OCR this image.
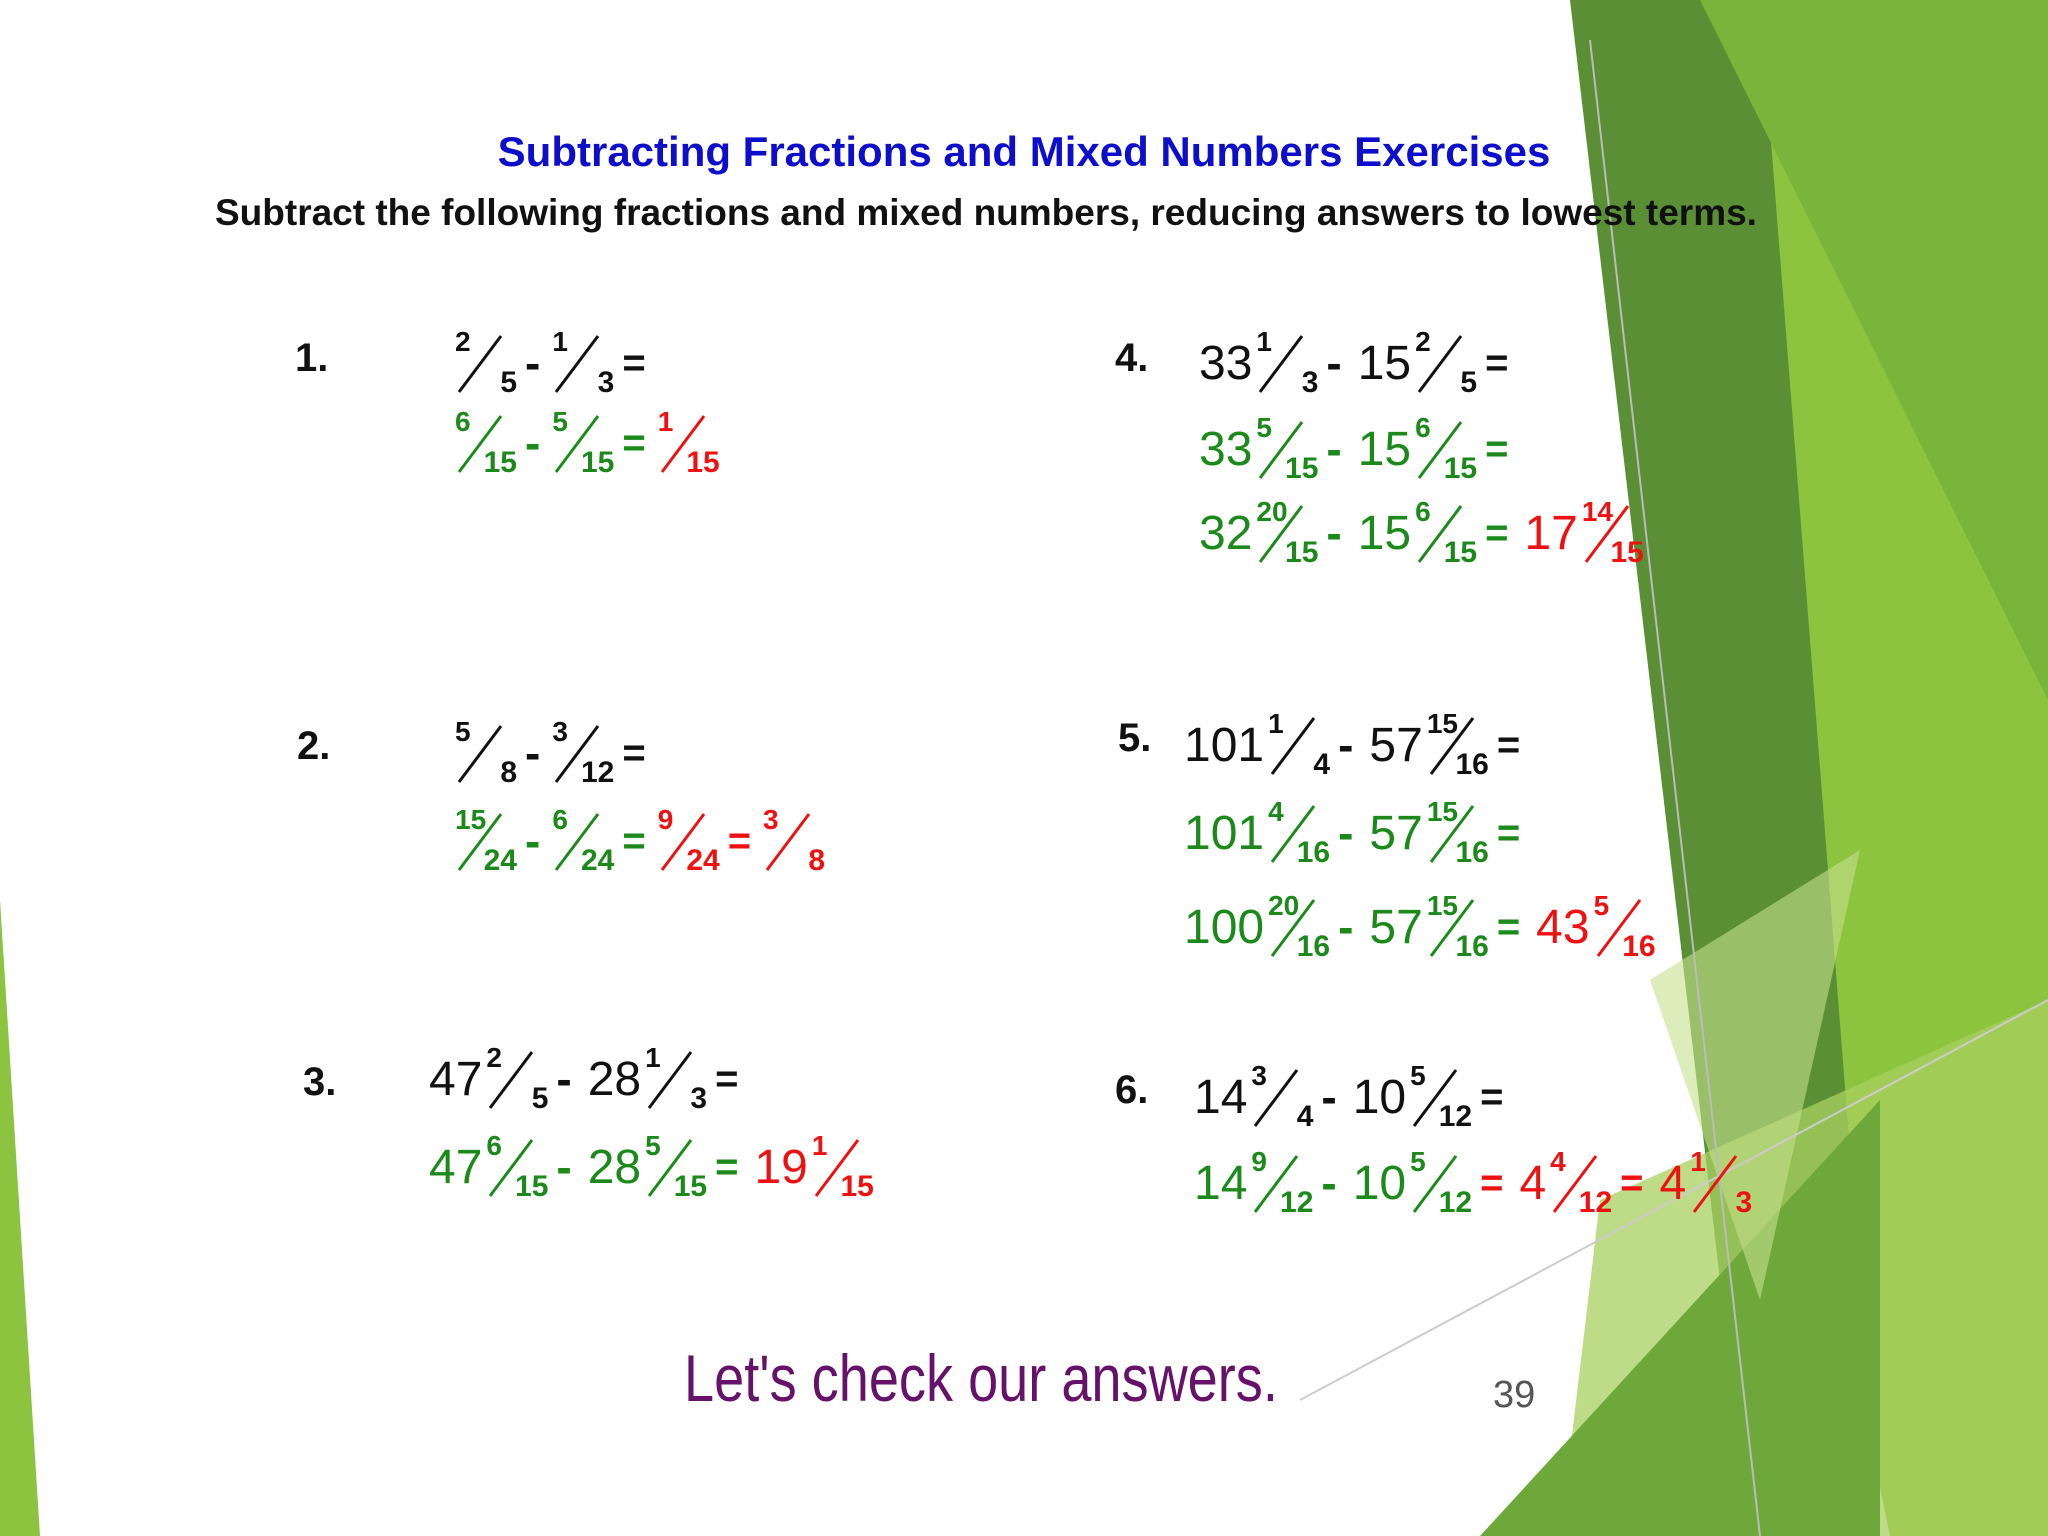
Subtracting Fractions and Mixed Numbers Exercises
Subtract the following fractions and mixed numbers, reducing answers to lowest terms.
1.	2
5 - 1
3 =
6
15 - 5
15 = 1
15
2.	5
8 - 3
12 =
15
24 - 6
24 = 9
24 = 3
8
3. 47 2
5 - 28 1
3 =
47 6
15 - 28 5
15 = 19 1
15
4. 33 1
3 - 15 2
5 =
33 5
15 - 15 6
15 =
32 20
15 - 15 6
15 = 17 14
15
5. 101 1
4 - 57 15
16 =
101 4
16 - 57 15
16 =
100 20
16 - 57 15
16 = 43 5
16
6. 14 3
4 - 10 5
12 =
14 9
12 - 10 5
12 = 4 4
12 = 4 1
3
Let's check our answers.	39
